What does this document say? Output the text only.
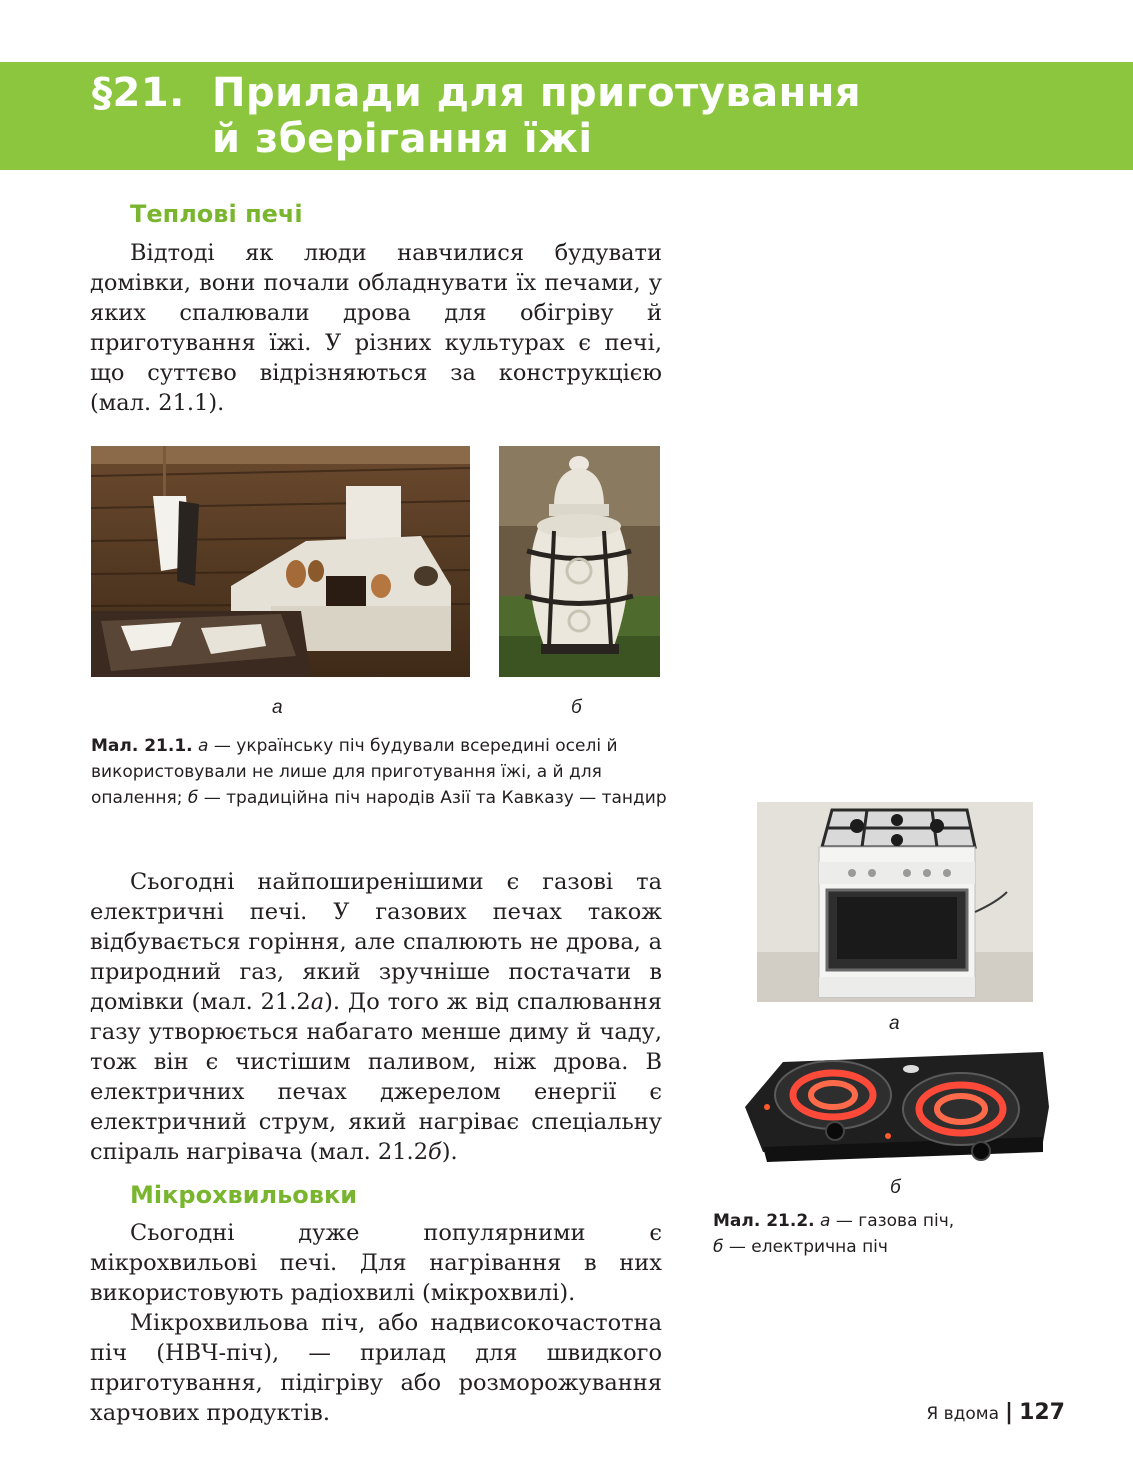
§21. Прилади для приготування
й зберігання їжі
Теплові печі

Відтоді як люди навчилися будувати домівки, вони почали обладнувати їх печами, у яких спалювали дрова для обігріву й приготування їжі. У різних культурах є печі, що суттєво відрізняються за конструкцією (мал. 21.1).

а	б
Мал. 21.1. а — українську піч будували всередині оселі й використовували не лише для приготування їжі, а й для опалення; б — традиційна піч народів Азії та Кавказу — тандир

Сьогодні найпоширенішими є газові та електричні печі. У газових печах також відбувається горіння, але спалюють не дрова, а природний газ, який зручніше постачати в домівки (мал. 21.2а). До того ж від спалювання газу утворюється набагато менше диму й чаду, тож він є чистішим паливом, ніж дрова. В електричних печах джерелом енергії є електричний струм, який нагріває спеціальну спіраль нагрівача (мал. 21.2б).

Мікрохвильовки

Сьогодні дуже популярними є мікрохвильові печі. Для нагрівання в них використовують радіохвилі (мікрохвилі).

Мікрохвильова піч, або надвисокочастотна піч (НВЧ-піч), — прилад для швидкого приготування, підігріву або розморожування харчових продуктів.

а
б
Мал. 21.2. а — газова піч,
б — електрична піч
Я вдома | 127
